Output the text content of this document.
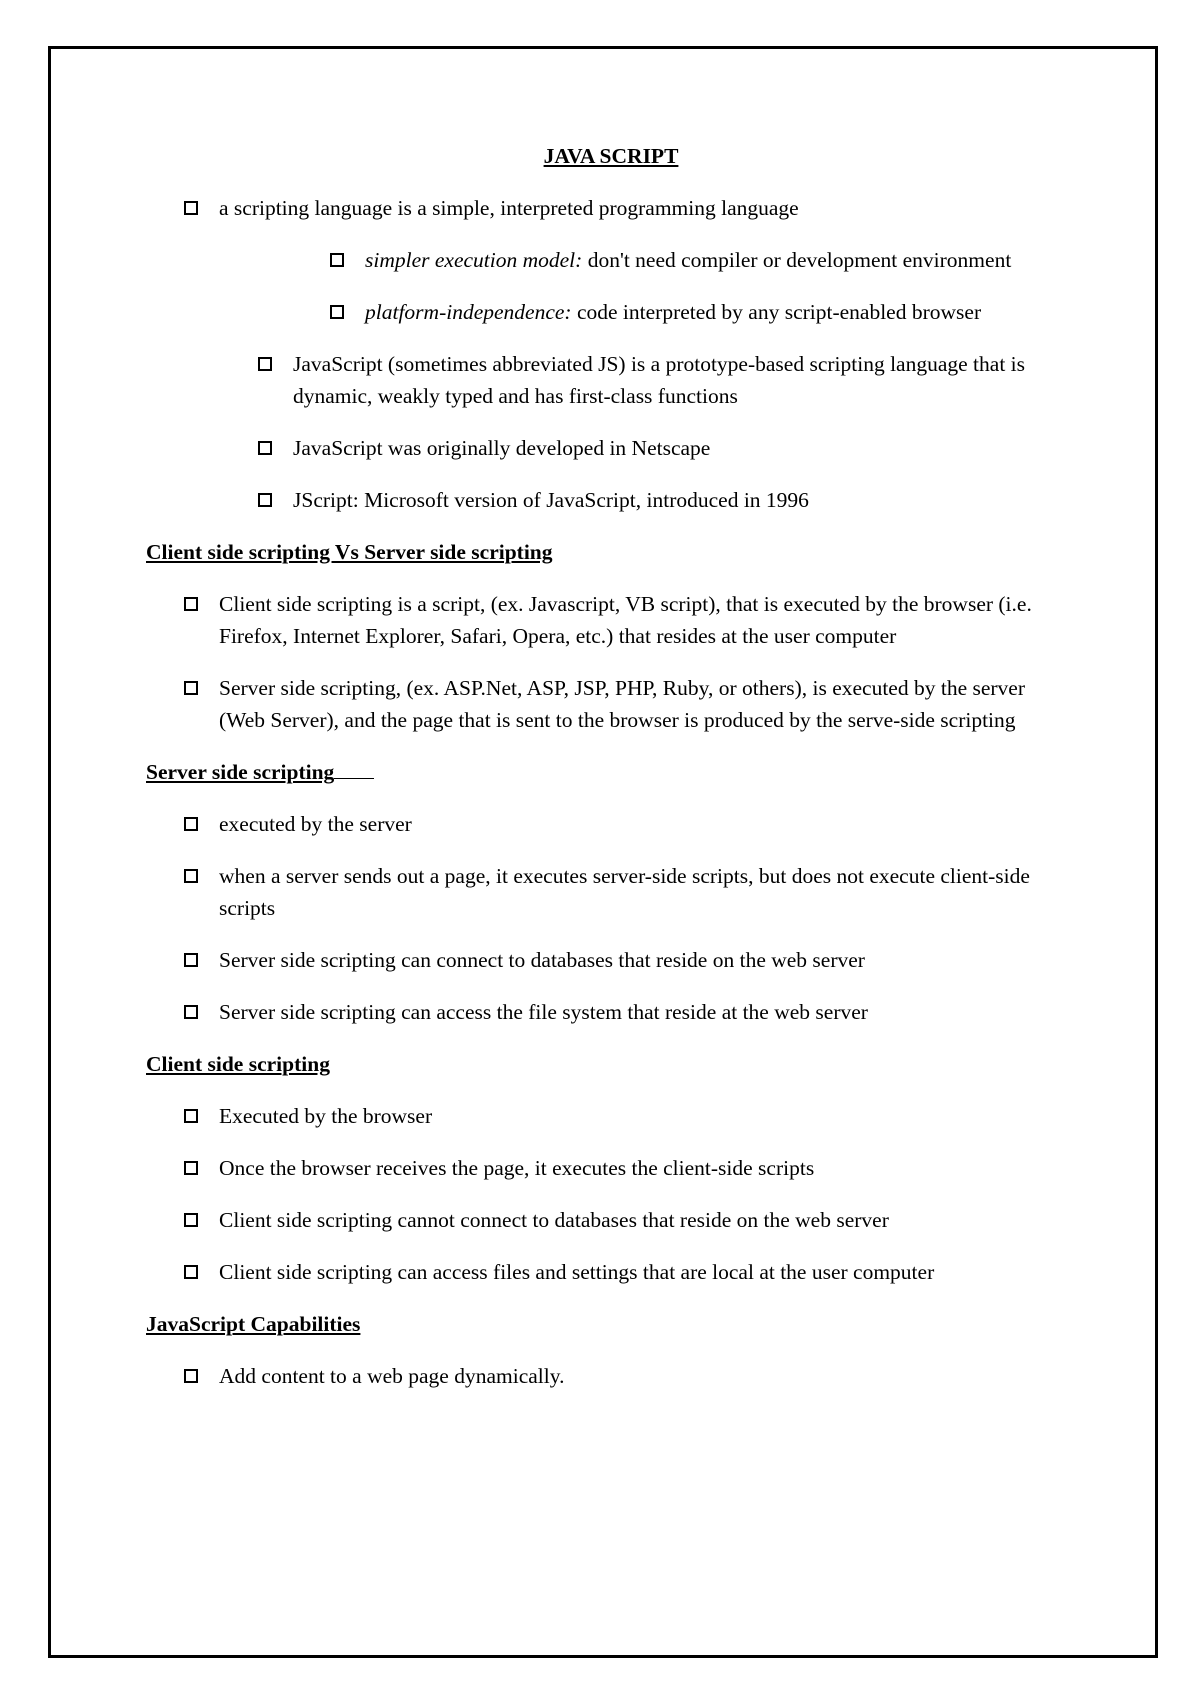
JAVA SCRIPT
a scripting language is a simple, interpreted programming language
simpler execution model: don't need compiler or development environment
platform-independence: code interpreted by any script-enabled browser
JavaScript (sometimes abbreviated JS) is a prototype-based scripting language that is dynamic, weakly typed and has first-class functions
JavaScript was originally developed in Netscape
JScript: Microsoft version of JavaScript, introduced in 1996
Client side scripting Vs Server side scripting
Client side scripting is a script, (ex. Javascript, VB script), that is executed by the browser (i.e. Firefox, Internet Explorer, Safari, Opera, etc.) that resides at the user computer
Server side scripting, (ex. ASP.Net, ASP, JSP, PHP, Ruby, or others), is executed by the server (Web Server), and the page that is sent to the browser is produced by the serve-side scripting
Server side scripting
executed by the server
when a server sends out a page, it executes server-side scripts, but does not execute client-side scripts
Server side scripting can connect to databases that reside on the web server
Server side scripting can access the file system that reside at the web server
Client side scripting
Executed by the browser
Once the browser receives the page, it executes the client-side scripts
Client side scripting cannot connect to databases that reside on the web server
Client side scripting can access files and settings that are local at the user computer
JavaScript Capabilities
Add content to a web page dynamically.
